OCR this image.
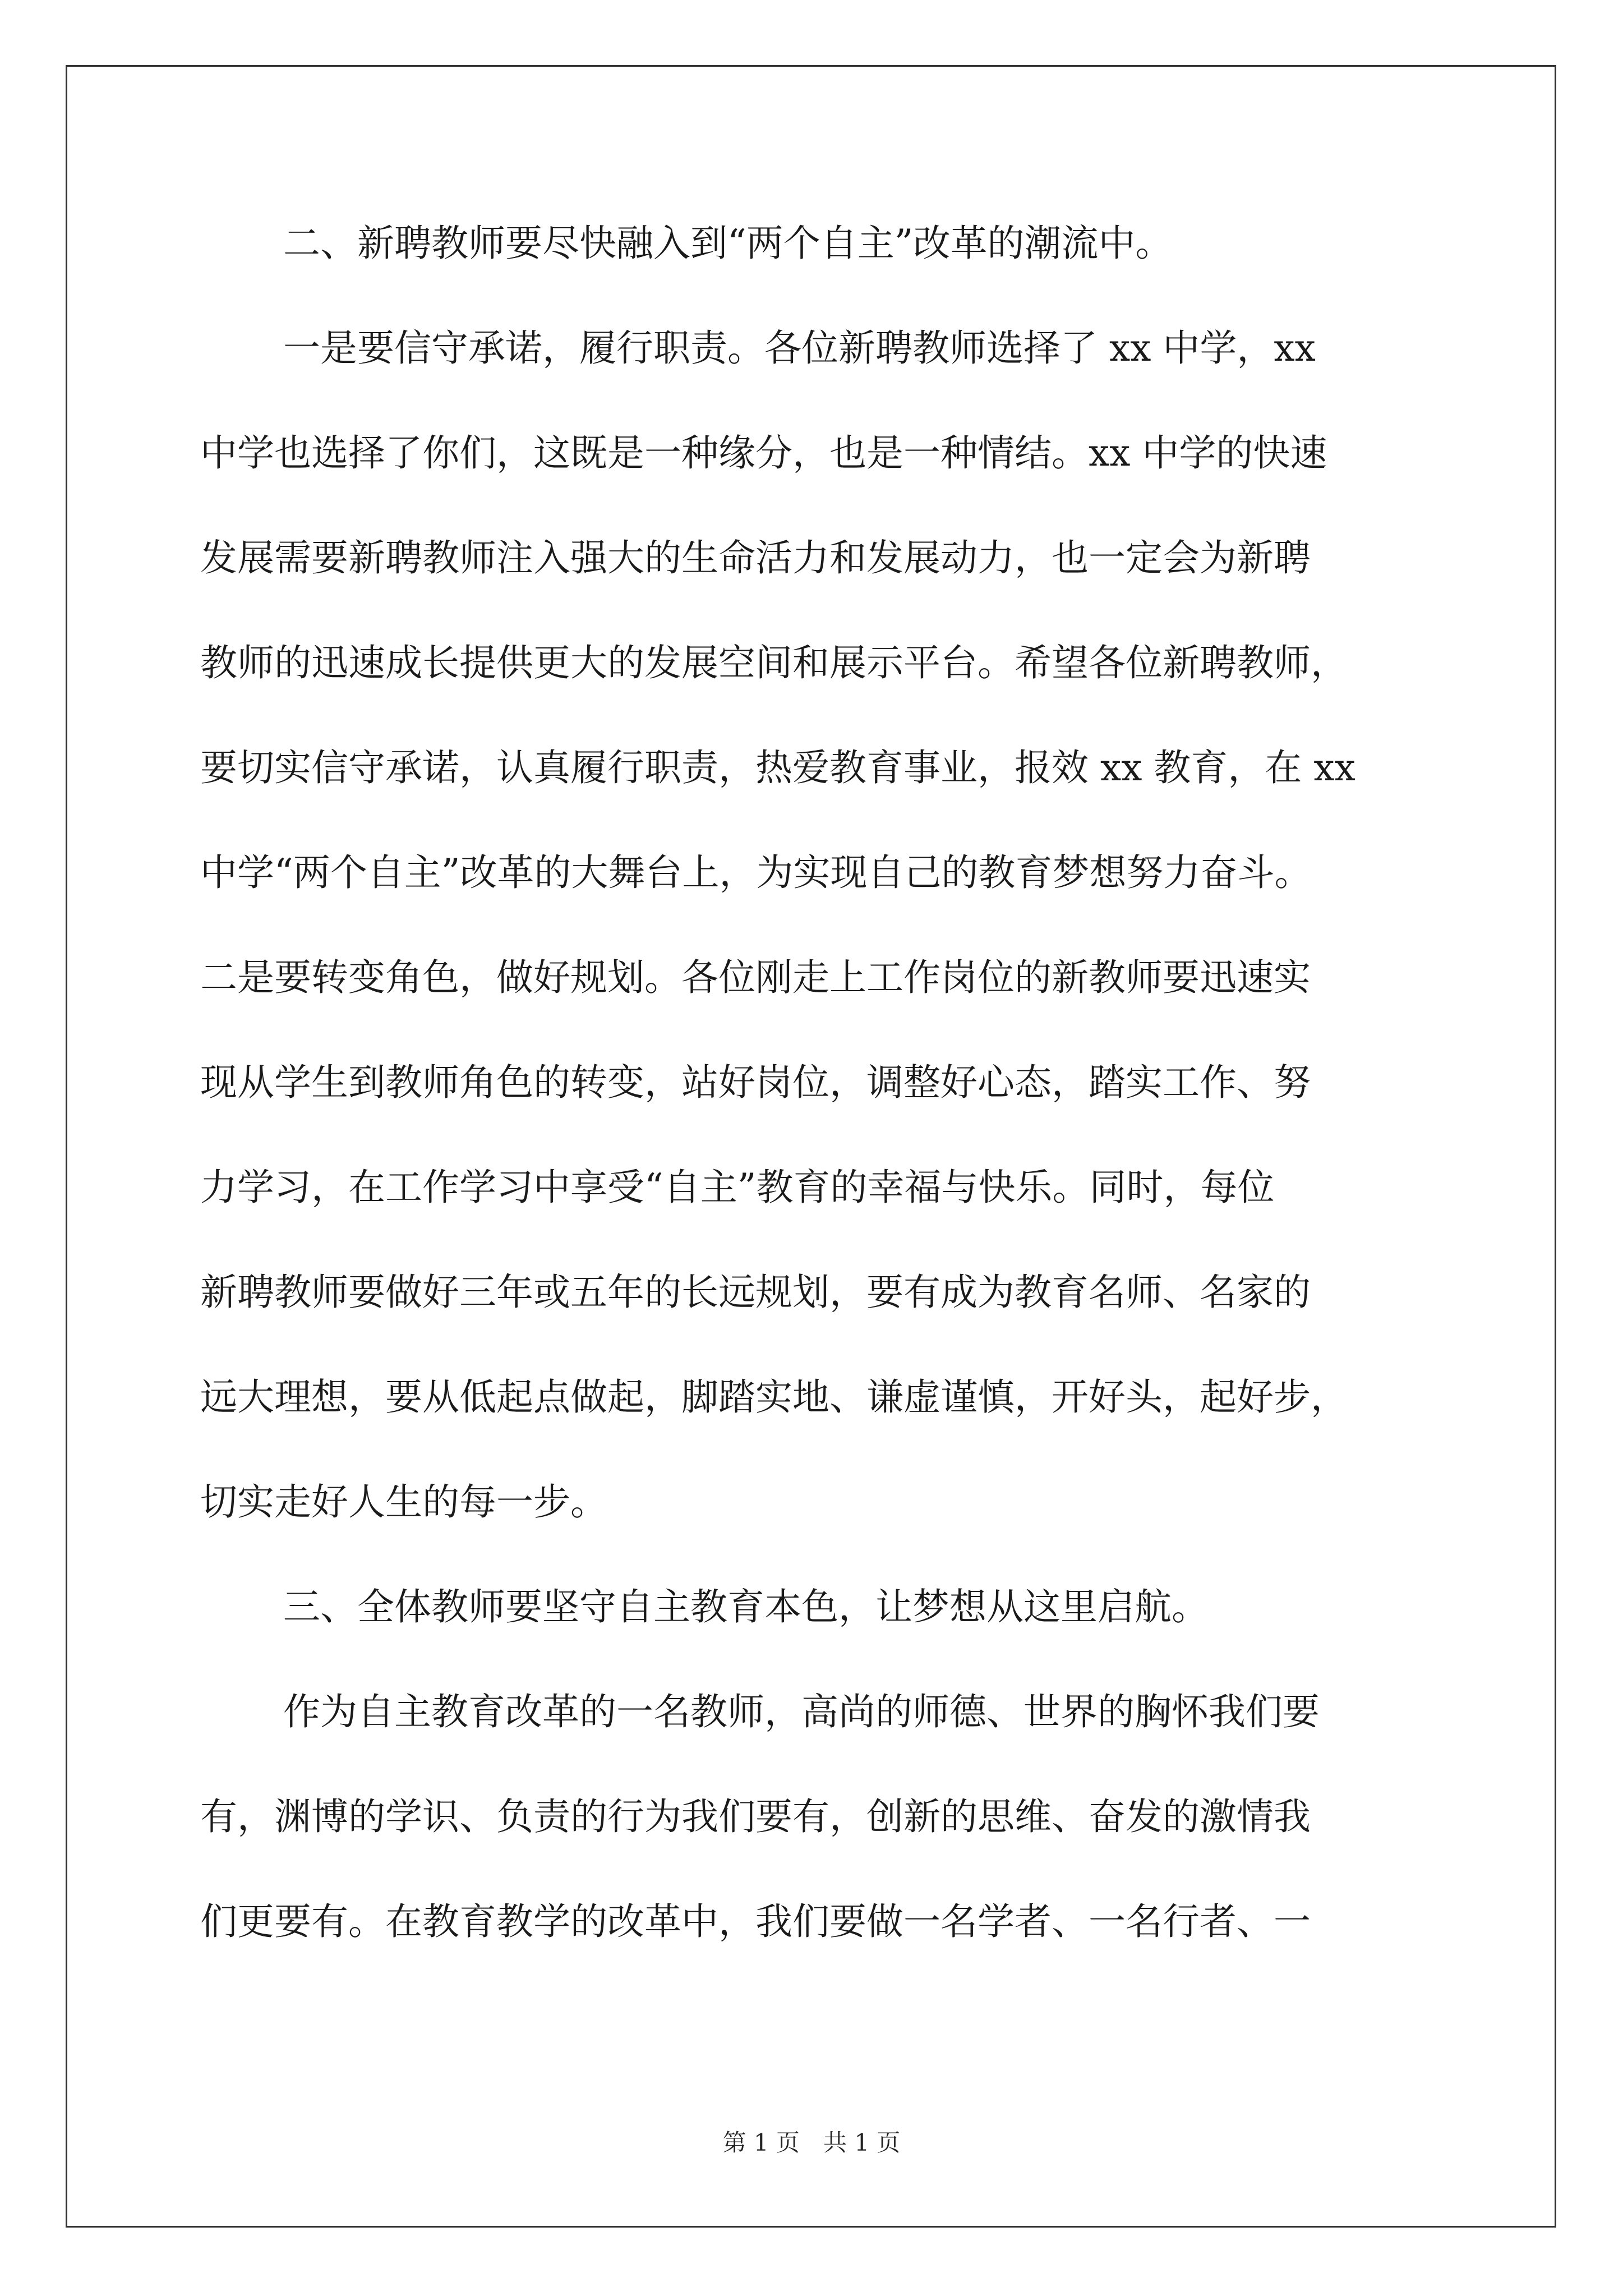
二、新聘教师要尽快融入到“两个自主”改革的潮流中。
一是要信守承诺，履行职责。各位新聘教师选择了 xx 中学，xx
中学也选择了你们，这既是一种缘分，也是一种情结。xx 中学的快速
发展需要新聘教师注入强大的生命活力和发展动力，也一定会为新聘
教师的迅速成长提供更大的发展空间和展示平台。希望各位新聘教师，
要切实信守承诺，认真履行职责，热爱教育事业，报效 xx 教育，在 xx
中学“两个自主”改革的大舞台上，为实现自己的教育梦想努力奋斗。
二是要转变角色，做好规划。各位刚走上工作岗位的新教师要迅速实
现从学生到教师角色的转变，站好岗位，调整好心态，踏实工作、努
力学习，在工作学习中享受“自主”教育的幸福与快乐。同时，每位
新聘教师要做好三年或五年的长远规划，要有成为教育名师、名家的
远大理想，要从低起点做起，脚踏实地、谦虚谨慎，开好头，起好步，
切实走好人生的每一步。
三、全体教师要坚守自主教育本色，让梦想从这里启航。
作为自主教育改革的一名教师，高尚的师德、世界的胸怀我们要
有，渊博的学识、负责的行为我们要有，创新的思维、奋发的激情我
们更要有。在教育教学的改革中，我们要做一名学者、一名行者、一
第 1 页　共 1 页
